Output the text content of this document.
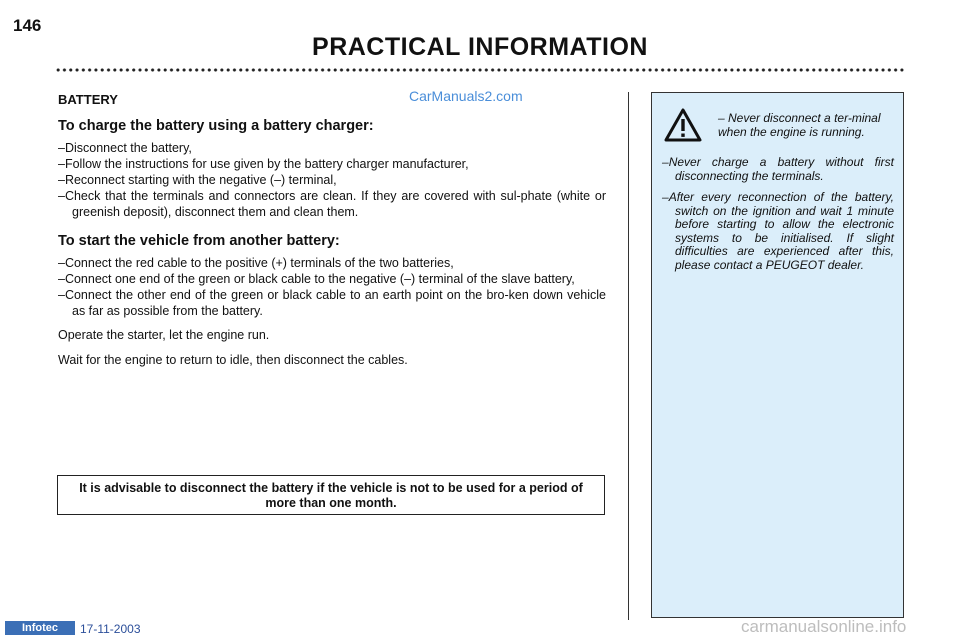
146
PRACTICAL INFORMATION
CarManuals2.com

BATTERY

To charge the battery using a battery charger:

– Disconnect the battery,
– Follow the instructions for use given by the battery charger manufacturer,
– Reconnect starting with the negative (–) terminal,
– Check that the terminals and connectors are clean. If they are covered with sul-phate (white or greenish deposit), disconnect them and clean them.

To start the vehicle from another battery:

– Connect the red cable to the positive (+) terminals of the two batteries,
– Connect one end of the green or black cable to the negative (–) terminal of the slave battery,
– Connect the other end of the green or black cable to an earth point on the bro-ken down vehicle as far as possible from the battery.

Operate the starter, let the engine run.

Wait for the engine to return to idle, then disconnect the cables.

It is advisable to disconnect the battery if the vehicle is not to be used for a period of more than one month.
– Never disconnect a ter-minal when the engine is running.
– Never charge a battery without first disconnecting the terminals.
– After every reconnection of the battery, switch on the ignition and wait 1 minute before starting to allow the electronic systems to be initialised. If slight difficulties are experienced after this, please contact a PEUGEOT dealer.
Infotec	17-11-2003	carmanualsonline.info
